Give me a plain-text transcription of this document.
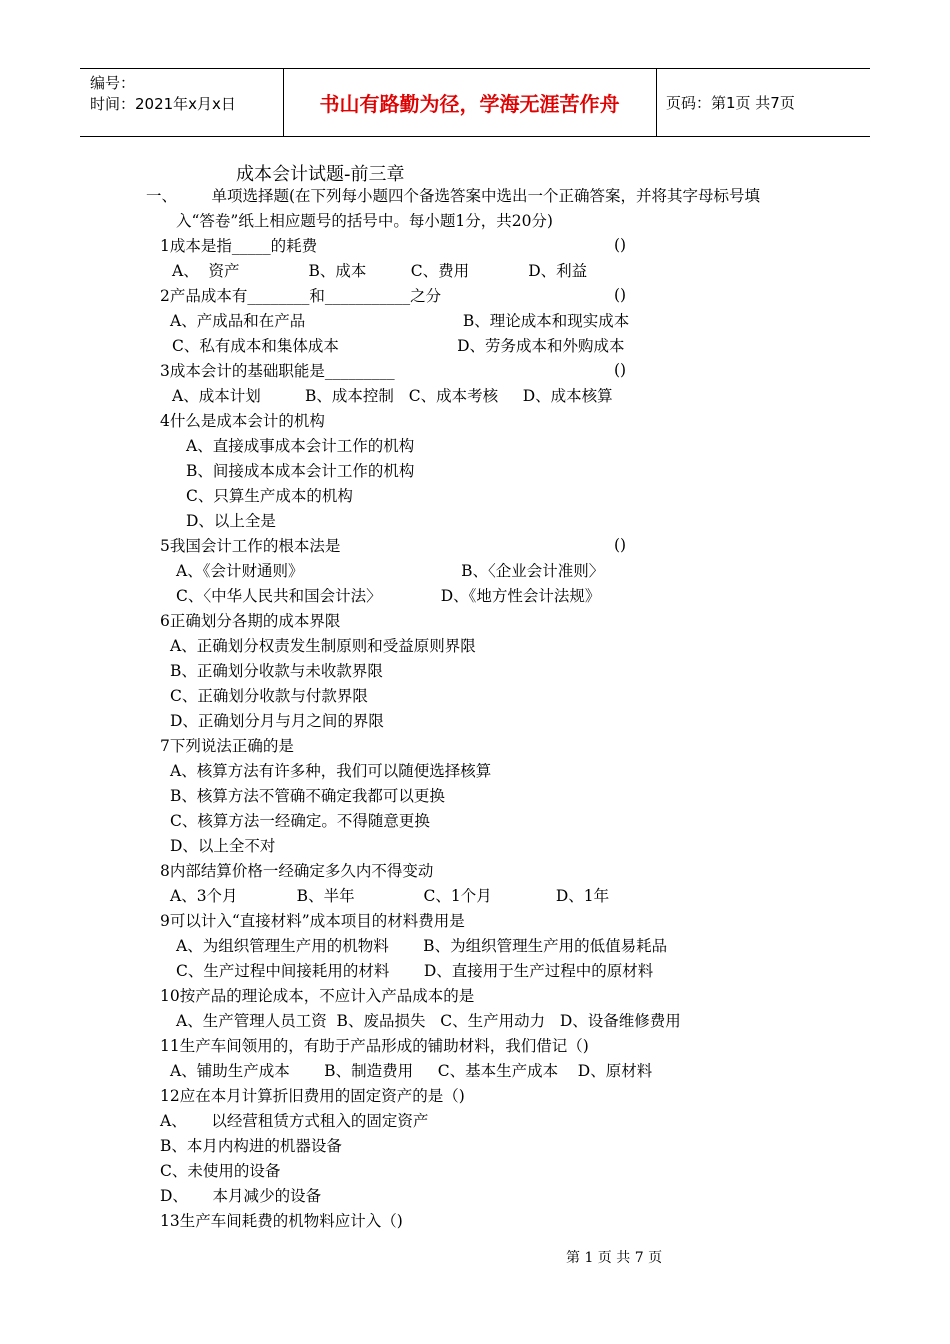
编号：
时间：2021年x月x日	书山有路勤为径，学海无涯苦作舟	页码：第1页 共7页
成本会计试题-前三章
一、       单项选择题(在下列每小题四个备选答案中选出一个正确答案，并将其字母标号填
入“答卷”纸上相应题号的括号中。每小题1分，共20分)
1成本是指_____的耗费	()
A、  资产              B、成本         C、费用            D、利益
2产品成本有________和___________之分	()
A、产成品和在产品                                B、理论成本和现实成本
C、私有成本和集体成本                        D、劳务成本和外购成本
3成本会计的基础职能是_________	()
A、成本计划         B、成本控制   C、成本考核     D、成本核算
4什么是成本会计的机构
A、直接成事成本会计工作的机构
B、间接成本成本会计工作的机构
C、只算生产成本的机构
D、以上全是
5我国会计工作的根本法是	()
A、《会计财通则》                                B、〈企业会计准则〉
C、〈中华人民共和国会计法〉            D、《地方性会计法规》
6正确划分各期的成本界限
A、正确划分权责发生制原则和受益原则界限
B、正确划分收款与未收款界限
C、正确划分收款与付款界限
D、正确划分月与月之间的界限
7下列说法正确的是
A、核算方法有许多种，我们可以随便选择核算
B、核算方法不管确不确定我都可以更换
C、核算方法一经确定。不得随意更换
D、以上全不对
8内部结算价格一经确定多久内不得变动
A、3个月            B、半年              C、1个月             D、1年
9可以计入“直接材料”成本项目的材料费用是
A、为组织管理生产用的机物料       B、为组织管理生产用的低值易耗品
C、生产过程中间接耗用的材料       D、直接用于生产过程中的原材料
10按产品的理论成本，不应计入产品成本的是
A、生产管理人员工资  B、废品损失   C、生产用动力   D、设备维修费用
11生产车间领用的，有助于产品形成的铺助材料，我们借记（)
A、铺助生产成本       B、制造费用     C、基本生产成本    D、原材料
12应在本月计算折旧费用的固定资产的是（)
A、     以经营租赁方式租入的固定资产
B、本月内构进的机器设备
C、未使用的设备
D、     本月减少的设备
13生产车间耗费的机物料应计入（)
第 1 页 共 7 页
